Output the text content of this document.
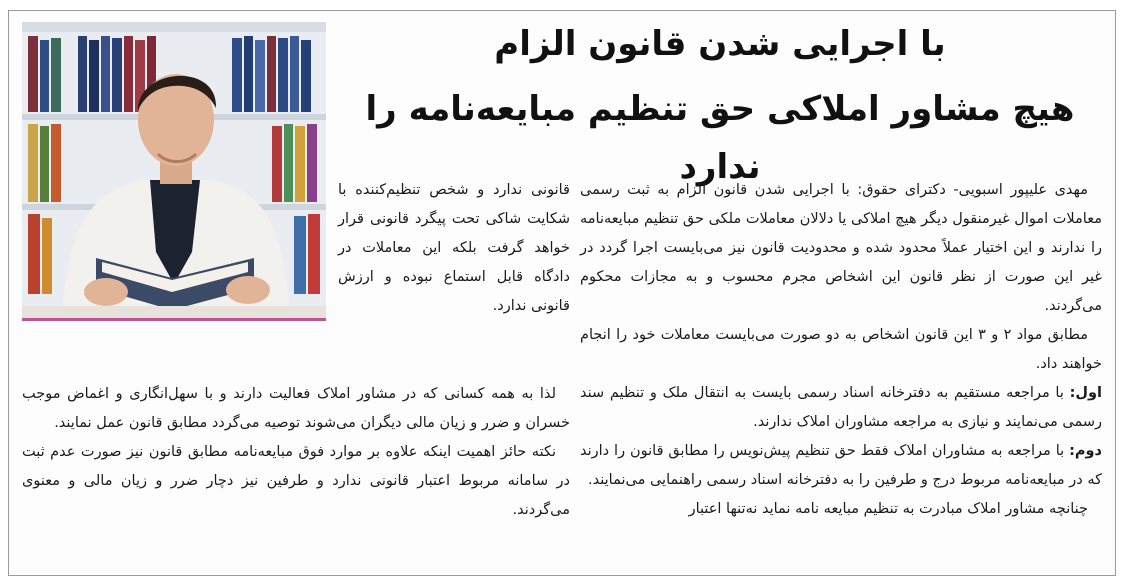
با اجرایی شدن قانون الزام
هیچ مشاور املاکی حق تنظیم مبایعه‌نامه را ندارد

مهدی علیپور اسبویی- دکترای حقوق: با اجرایی شدن قانون الزام به ثبت رسمی معاملات اموال غیرمنقول دیگر هیچ املاکی یا دلالان معاملات ملکی حق تنظیم مبایعه‌نامه را ندارند و این اختیار عملاً محدود شده و محدودیت قانون نیز می‌بایست اجرا گردد در غیر این صورت از نظر قانون این اشخاص مجرم محسوب و به مجازات محکوم می‌گردند.

مطابق مواد ۲ و ۳ این قانون اشخاص به دو صورت می‌بایست معاملات خود را انجام خواهند داد.

اول: با مراجعه مستقیم به دفترخانه اسناد رسمی بایست به انتقال ملک و تنظیم سند رسمی می‌نمایند و نیازی به مراجعه مشاوران املاک ندارند.

دوم: با مراجعه به مشاوران املاک فقط حق تنظیم پیش‌نویس را مطابق قانون را دارند که در مبایعه‌نامه مربوط درج و طرفین را به دفترخانه اسناد رسمی راهنمایی می‌نمایند.

چنانچه مشاور املاک مبادرت به تنظیم مبایعه نامه نماید نه‌تنها اعتبار

قانونی ندارد و شخص تنظیم‌کننده با شکایت شاکی تحت پیگرد قانونی قرار خواهد گرفت بلکه این معاملات در دادگاه قابل استماع نبوده و ارزش قانونی ندارد.

لذا به همه کسانی که در مشاور املاک فعالیت دارند و با سهل‌انگاری و اغماض موجب خسران و ضرر و زیان مالی دیگران می‌شوند توصیه می‌گردد مطابق قانون عمل نمایند.

نکته حائز اهمیت اینکه علاوه بر موارد فوق مبایعه‌نامه مطابق قانون نیز صورت عدم ثبت در سامانه مربوط اعتبار قانونی ندارد و طرفین نیز دچار ضرر و زیان مالی و معنوی می‌گردند.
